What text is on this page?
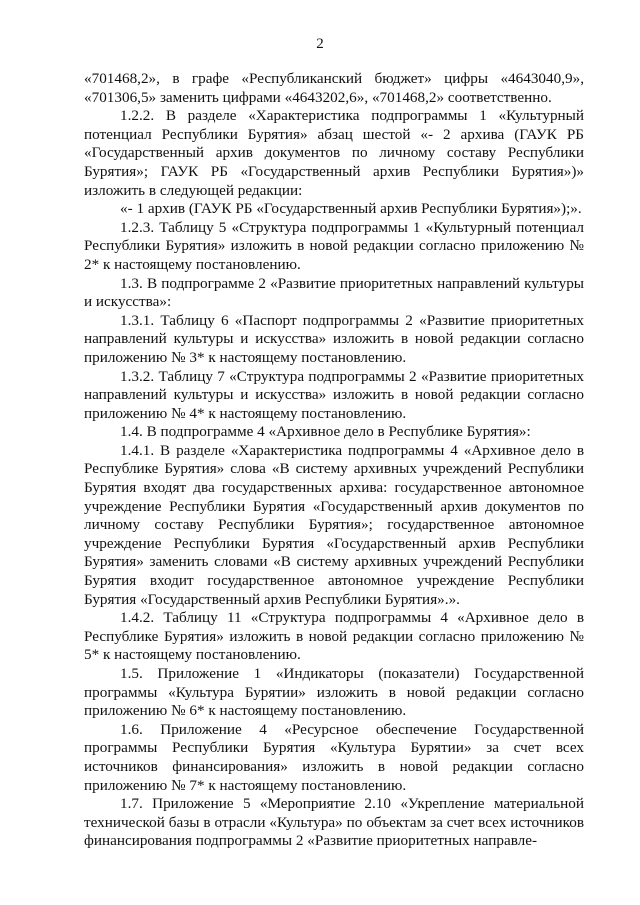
2

«701468,2», в графе «Республиканский бюджет» цифры «4643040,9», «701306,5» заменить цифрами «4643202,6», «701468,2» соответственно.

1.2.2. В разделе «Характеристика подпрограммы 1 «Культурный потенциал Республики Бурятия» абзац шестой «- 2 архива (ГАУК РБ «Государственный архив документов по личному составу Республики Бурятия»; ГАУК РБ «Государственный архив Республики Бурятия»)» изложить в следующей редакции:

«- 1 архив (ГАУК РБ «Государственный архив Республики Бурятия»);».

1.2.3. Таблицу 5 «Структура подпрограммы 1 «Культурный потенциал Республики Бурятия» изложить в новой редакции согласно приложению № 2* к настоящему постановлению.

1.3. В подпрограмме 2 «Развитие приоритетных направлений культуры и искусства»:

1.3.1. Таблицу 6 «Паспорт подпрограммы 2 «Развитие приоритетных направлений культуры и искусства» изложить в новой редакции согласно приложению № 3* к настоящему постановлению.

1.3.2. Таблицу 7 «Структура подпрограммы 2 «Развитие приоритетных направлений культуры и искусства» изложить в новой редакции согласно приложению № 4* к настоящему постановлению.

1.4. В подпрограмме 4 «Архивное дело в Республике Бурятия»:

1.4.1. В разделе «Характеристика подпрограммы 4 «Архивное дело в Республике Бурятия» слова «В систему архивных учреждений Республики Бурятия входят два государственных архива: государственное автономное учреждение Республики Бурятия «Государственный архив документов по личному составу Республики Бурятия»; государственное автономное учреждение Республики Бурятия «Государственный архив Республики Бурятия» заменить словами «В систему архивных учреждений Республики Бурятия входит государственное автономное учреждение Республики Бурятия «Государственный архив Республики Бурятия».».

1.4.2. Таблицу 11 «Структура подпрограммы 4 «Архивное дело в Республике Бурятия» изложить в новой редакции согласно приложению № 5* к настоящему постановлению.

1.5. Приложение 1 «Индикаторы (показатели) Государственной программы «Культура Бурятии» изложить в новой редакции согласно приложению № 6* к настоящему постановлению.

1.6. Приложение 4 «Ресурсное обеспечение Государственной программы Республики Бурятия «Культура Бурятии» за счет всех источников финансирования» изложить в новой редакции согласно приложению № 7* к настоящему постановлению.

1.7. Приложение 5 «Мероприятие 2.10 «Укрепление материальной технической базы в отрасли «Культура» по объектам за счет всех источников финансирования подпрограммы 2 «Развитие приоритетных направле-
